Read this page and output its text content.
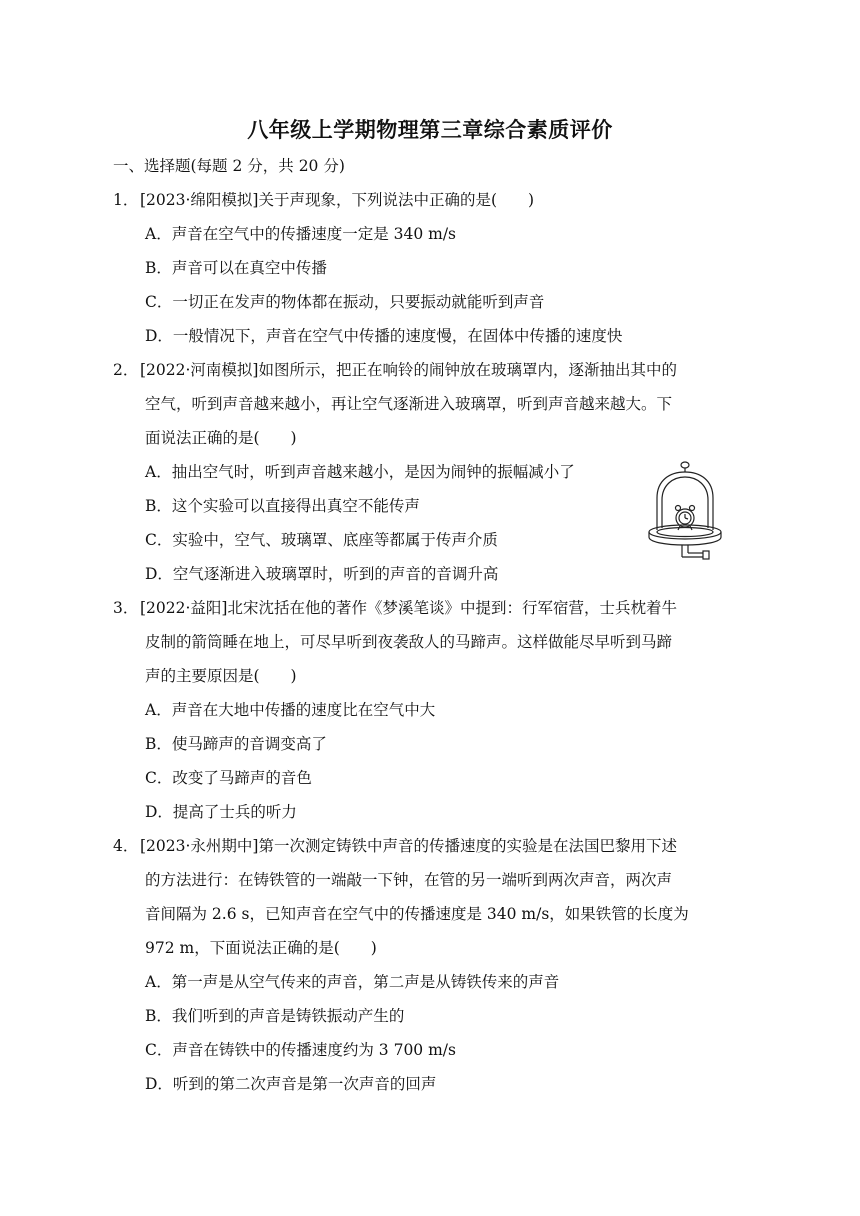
八年级上学期物理第三章综合素质评价
一、选择题(每题 2 分，共 20 分)
1． [2023·绵阳模拟]关于声现象，下列说法中正确的是(　　)
A．声音在空气中的传播速度一定是 340 m/s
B．声音可以在真空中传播
C．一切正在发声的物体都在振动，只要振动就能听到声音
D．一般情况下，声音在空气中传播的速度慢，在固体中传播的速度快
2． [2022·河南模拟]如图所示，把正在响铃的闹钟放在玻璃罩内，逐渐抽出其中的
空气，听到声音越来越小，再让空气逐渐进入玻璃罩，听到声音越来越大。下
面说法正确的是(　　)
A．抽出空气时，听到声音越来越小，是因为闹钟的振幅减小了
B．这个实验可以直接得出真空不能传声
C．实验中，空气、玻璃罩、底座等都属于传声介质
D．空气逐渐进入玻璃罩时，听到的声音的音调升高
3． [2022·益阳]北宋沈括在他的著作《梦溪笔谈》中提到：行军宿营，士兵枕着牛
皮制的箭筒睡在地上，可尽早听到夜袭敌人的马蹄声。这样做能尽早听到马蹄
声的主要原因是(　　)
A．声音在大地中传播的速度比在空气中大
B．使马蹄声的音调变高了
C．改变了马蹄声的音色
D．提高了士兵的听力
4． [2023·永州期中]第一次测定铸铁中声音的传播速度的实验是在法国巴黎用下述
的方法进行：在铸铁管的一端敲一下钟，在管的另一端听到两次声音，两次声
音间隔为 2.6 s，已知声音在空气中的传播速度是 340 m/s，如果铁管的长度为
972 m，下面说法正确的是(　　)
A．第一声是从空气传来的声音，第二声是从铸铁传来的声音
B．我们听到的声音是铸铁振动产生的
C．声音在铸铁中的传播速度约为 3 700 m/s
D．听到的第二次声音是第一次声音的回声
